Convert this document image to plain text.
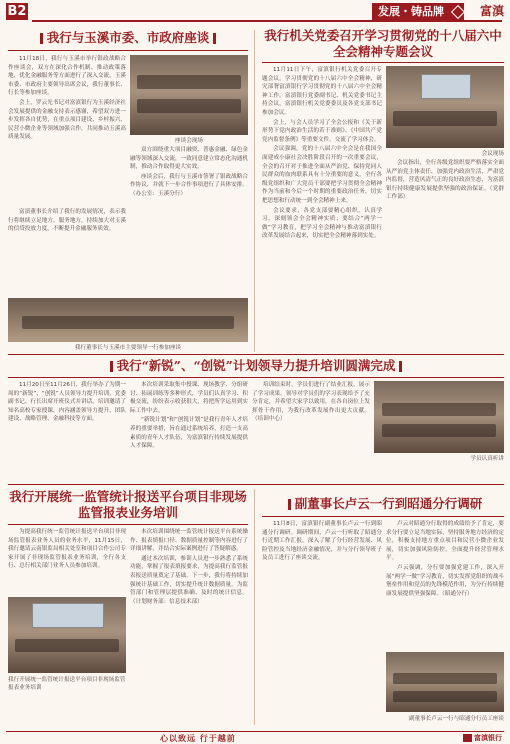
B2	发展・铸品牌	富滇
我行与玉溪市委、市政府座谈

11月18日，我行与玉溪市举行银政战略合作座谈会，双方在深化合作机制、推动政策落地、优化金融服务等方面进行了深入交流。玉溪市委、市政府主要领导出席会议，我行董事长、行长等参加座谈。

会上，罗云光书记对富滇银行为玉溪经济社会发展提供的金融支持表示感谢，希望双方进一步发挥各自优势，在重点项目建设、乡村振兴、民营小微企业等领域加强合作，共同推动玉溪高质量发展。

座谈会现场

双方围绕重大项目融资、普惠金融、绿色金融等领域深入交流，一致同意建立常态化沟通机制，推动合作取得更大实效。

座谈会后，我行与玉溪市签署了银政战略合作协议，并就下一步合作事项进行了具体安排。（办公室：玉溪分行）

富滇董事长介绍了我行的发展情况，表示我行将继续立足地方、服务地方，持续加大对玉溪的信贷投放力度，不断提升金融服务质效。

我行董事长与玉溪市主要领导一行参加座谈
我行机关党委召开学习贯彻党的十八届六中全会精神专题会议

11月11日下午，富滇银行机关党委召开专题会议，学习贯彻党的十八届六中全会精神，研究部署富滇银行学习贯彻党的十八届六中全会精神工作。富滇银行党委副书记、机关党委书记主持会议，富滇银行机关党委委员及各党支部书记参加会议。

会上，与会人员学习了全会公报和《关于新形势下党内政治生活的若干准则》、《中国共产党党内监督条例》等重要文件，交流了学习体会。

会议强调，党的十八届六中全会是在我国全面建成小康社会决胜阶段召开的一次重要会议，全会的召开对于推进全面从严治党、保持党同人民群众的血肉联系具有十分重要的意义。全行各级党组织和广大党员干部要把学习贯彻全会精神作为当前和今后一个时期的重要政治任务，切实把思想和行动统一到全会精神上来。

会议要求，各党支部要精心组织，认真学习，深刻领会全会精神实质；要结合“两学一做”学习教育，把学习全会精神与推动富滇银行改革发展结合起来，切实把全会精神落到实处。

会议现场

会议指出，全行各级党组织要严格落实全面从严治党主体责任，加强党内政治生活，严肃党内监督，营造风清气正的良好政治生态，为富滇银行持续健康发展提供坚强的政治保证。（党群工作部）

我行“新锐”、“创锐”计划领导力提升培训圆满完成

11月20日至11月26日，我行举办了为期一周的“新锐”、“创锐”人员领导力提升培训，党委副书记、行长出席开班仪式并讲话。培训邀请了知名高校专家授课，内容涵盖领导力提升、团队建设、战略管理、金融科技等方面。

本次培训采取集中授课、现场教学、分组研讨、拓展训练等多种形式，学员们认真学习、积极交流，纷纷表示收获很大，将把所学运用到实际工作中去。

“新锐计划”和“创锐计划”是我行青年人才培养的重要举措，旨在通过系统培养，打造一支高素质的青年人才队伍，为富滇银行持续发展提供人才保障。

培训结束时，学员们进行了结业汇报，展示了学习成果。领导对学员们的学习表现给予了充分肯定，并希望大家学以致用，在各自岗位上发挥骨干作用，为我行改革发展作出更大贡献。（培训中心）

学员认真听讲
我行开展统一监管统计报送平台项目非现场监管报表业务培训

为提高我行统一监管统计报送平台项目非现场监管报表业务人员的业务水平，11月15日，我行邀请云南银监局相关处室和项目合作公司专家开展了非现场监管报表业务培训，全行各支行、总行相关部门业务人员参加培训。

我行开展统一监管统计报送平台项目非现场监管报表业务培训

本次培训围绕统一监管统计报送平台系统操作、报表填报口径、数据质量控制等内容进行了详细讲解，并结合实际案例进行了答疑解惑。

通过本次培训，参训人员进一步熟悉了系统功能，掌握了报表填报要求，为提高我行监管报表报送质量奠定了基础。下一步，我行将持续加强统计基础工作，切实提升统计数据质量，为监管部门和管理层提供准确、及时的统计信息。（计划财务部：信息技术部）

副董事长卢云一行到昭通分行调研

11月8日，富滇银行副董事长卢云一行到昭通分行调研。调研期间，卢云一行听取了昭通分行近期工作汇报，深入了解了分行经营发展、风险管控及当地经济金融情况，并与分行领导班子及员工进行了座谈交流。

卢云对昭通分行取得的成绩给予了肯定，要求分行要立足当地实际，坚持服务地方经济的定位，积极支持地方重点项目和民营小微企业发展，切实加强风险防控，全面提升经营管理水平。

卢云强调，分行要加强党建工作，深入开展“两学一做”学习教育，切实发挥党组织的战斗堡垒作用和党员的先锋模范作用，为分行持续健康发展提供坚强保障。（昭通分行）

副董事长卢云一行与昭通分行员工座谈
心以致远 行于越前	富滇银行
